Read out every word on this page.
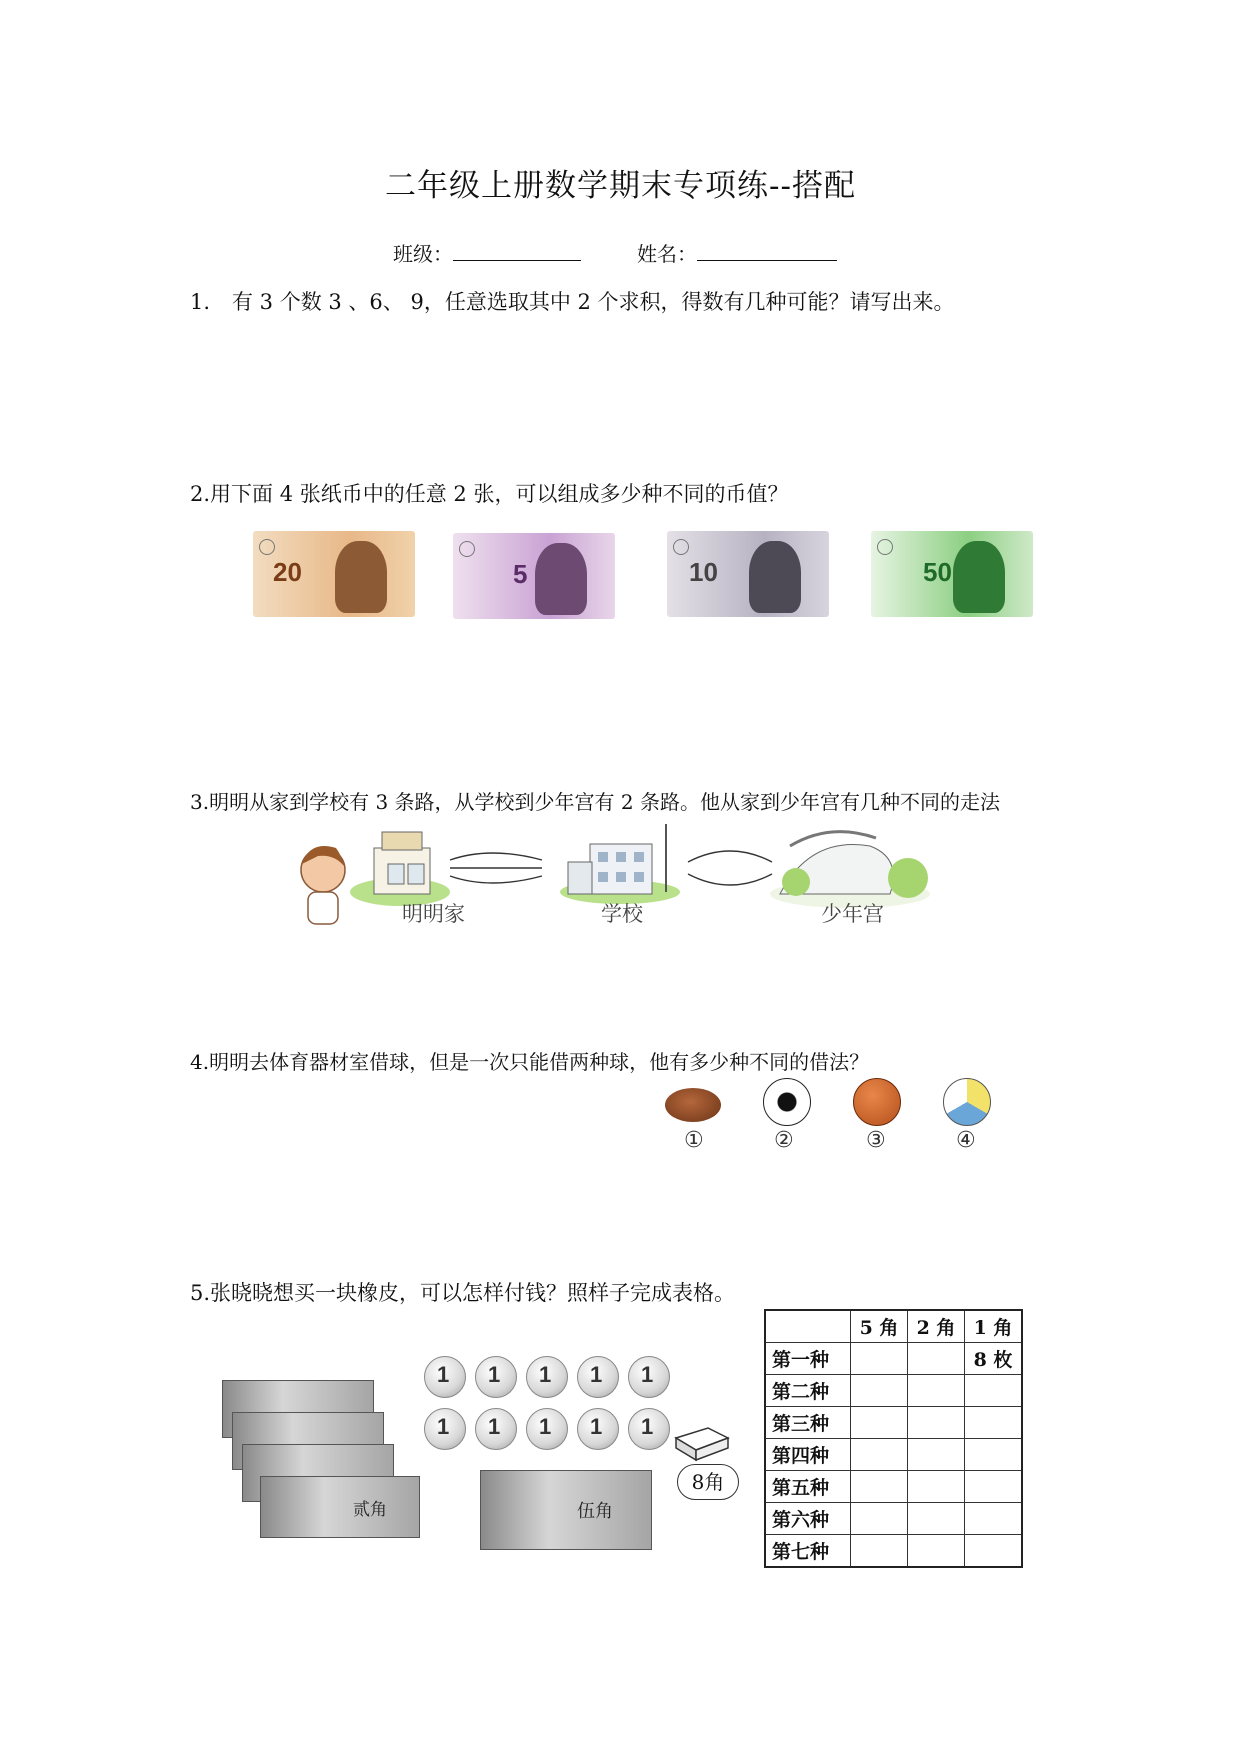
二年级上册数学期末专项练--搭配
班级：	姓名：
1. 有 3 个数 3 、6、 9，任意选取其中 2 个求积，得数有几种可能？请写出来。
2.用下面 4 张纸币中的任意 2 张，可以组成多少种不同的币值？
20	5	10	50
3.明明从家到学校有 3 条路，从学校到少年宫有 2 条路。他从家到少年宫有几种不同的走法
明明家	学校	少年宫
4.明明去体育器材室借球，但是一次只能借两种球，他有多少种不同的借法？
①	②	③	④
5.张晓晓想买一块橡皮，可以怎样付钱？照样子完成表格。
贰角
1 1 1 1 1
1 1 1 1 1
伍角
8角
	5 角	2 角	1 角
第一种			8 枚
第二种			
第三种			
第四种			
第五种			
第六种			
第七种			
